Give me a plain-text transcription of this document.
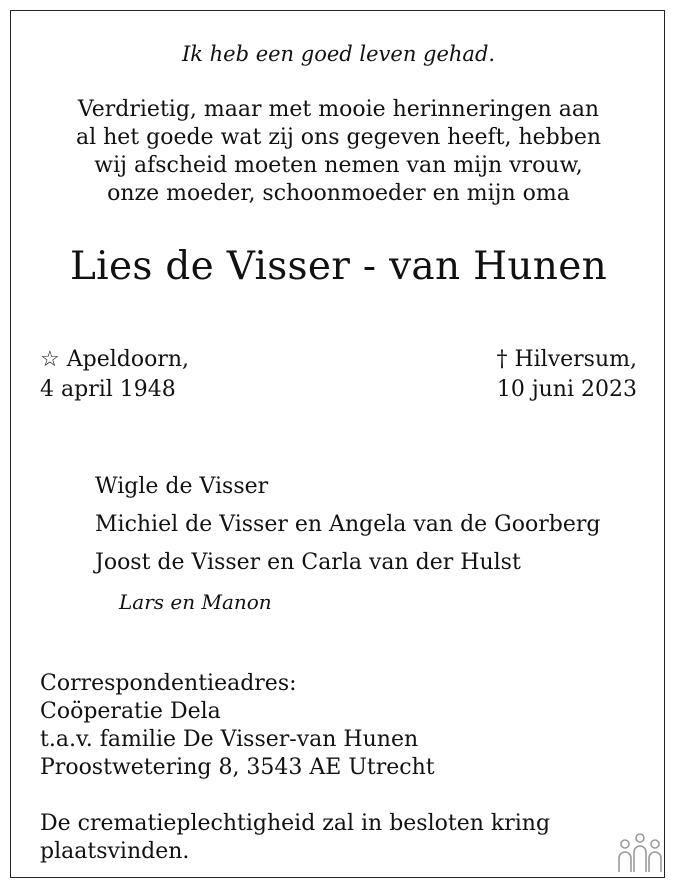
Ik heb een goed leven gehad.
Verdrietig, maar met mooie herinneringen aan
al het goede wat zij ons gegeven heeft, hebben
wij afscheid moeten nemen van mijn vrouw,
onze moeder, schoonmoeder en mijn oma
Lies de Visser - van Hunen
☆ Apeldoorn,
4 april 1948
† Hilversum,
10 juni 2023
Wigle de Visser
Michiel de Visser en Angela van de Goorberg
Joost de Visser en Carla van der Hulst
Lars en Manon
Correspondentieadres:
Coöperatie Dela
t.a.v. familie De Visser-van Hunen
Proostwetering 8, 3543 AE Utrecht
De crematieplechtigheid zal in besloten kring
plaatsvinden.
